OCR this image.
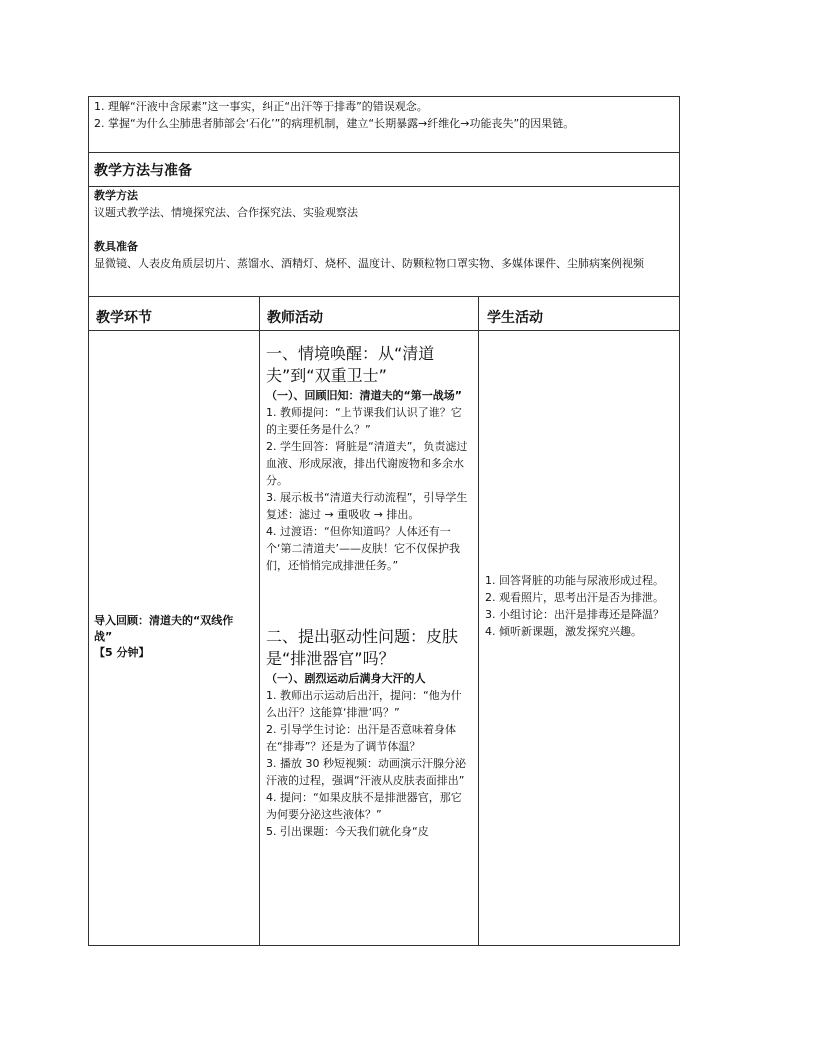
1. 理解“汗液中含尿素”这一事实，纠正“出汗等于排毒”的错误观念。

2. 掌握“为什么尘肺患者肺部会‘石化’”的病理机制，建立“长期暴露→纤维化→功能丧失”的因果链。

教学方法与准备

教学方法

议题式教学法、情境探究法、合作探究法、实验观察法

教具准备

显微镜、人表皮角质层切片、蒸馏水、酒精灯、烧杯、温度计、防颗粒物口罩实物、多媒体课件、尘肺病案例视频

教学环节	教师活动	学生活动
导入回顾：清道夫的“双线作战”
【5 分钟】

一、情境唤醒：从“清道夫”到“双重卫士”

（一）、回顾旧知：清道夫的“第一战场”

1. 教师提问：“上节课我们认识了谁？它的主要任务是什么？”

2. 学生回答：肾脏是“清道夫”，负责滤过血液、形成尿液，排出代谢废物和多余水分。

3. 展示板书“清道夫行动流程”，引导学生复述：滤过 → 重吸收 → 排出。

4. 过渡语：“但你知道吗？人体还有一个‘第二清道夫’——皮肤！它不仅保护我们，还悄悄完成排泄任务。”

二、提出驱动性问题：皮肤是“排泄器官”吗？

（一）、剧烈运动后满身大汗的人

1. 教师出示运动后出汗，提问：“他为什么出汗？这能算‘排泄’吗？”

2. 引导学生讨论：出汗是否意味着身体在“排毒”？还是为了调节体温？

3. 播放 30 秒短视频：动画演示汗腺分泌汗液的过程，强调“汗液从皮肤表面排出”

4. 提问：“如果皮肤不是排泄器官，那它为何要分泌这些液体？”

5. 引出课题：今天我们就化身“皮

1. 回答肾脏的功能与尿液形成过程。

2. 观看照片，思考出汗是否为排泄。

3. 小组讨论：出汗是排毒还是降温？

4. 倾听新课题，激发探究兴趣。
